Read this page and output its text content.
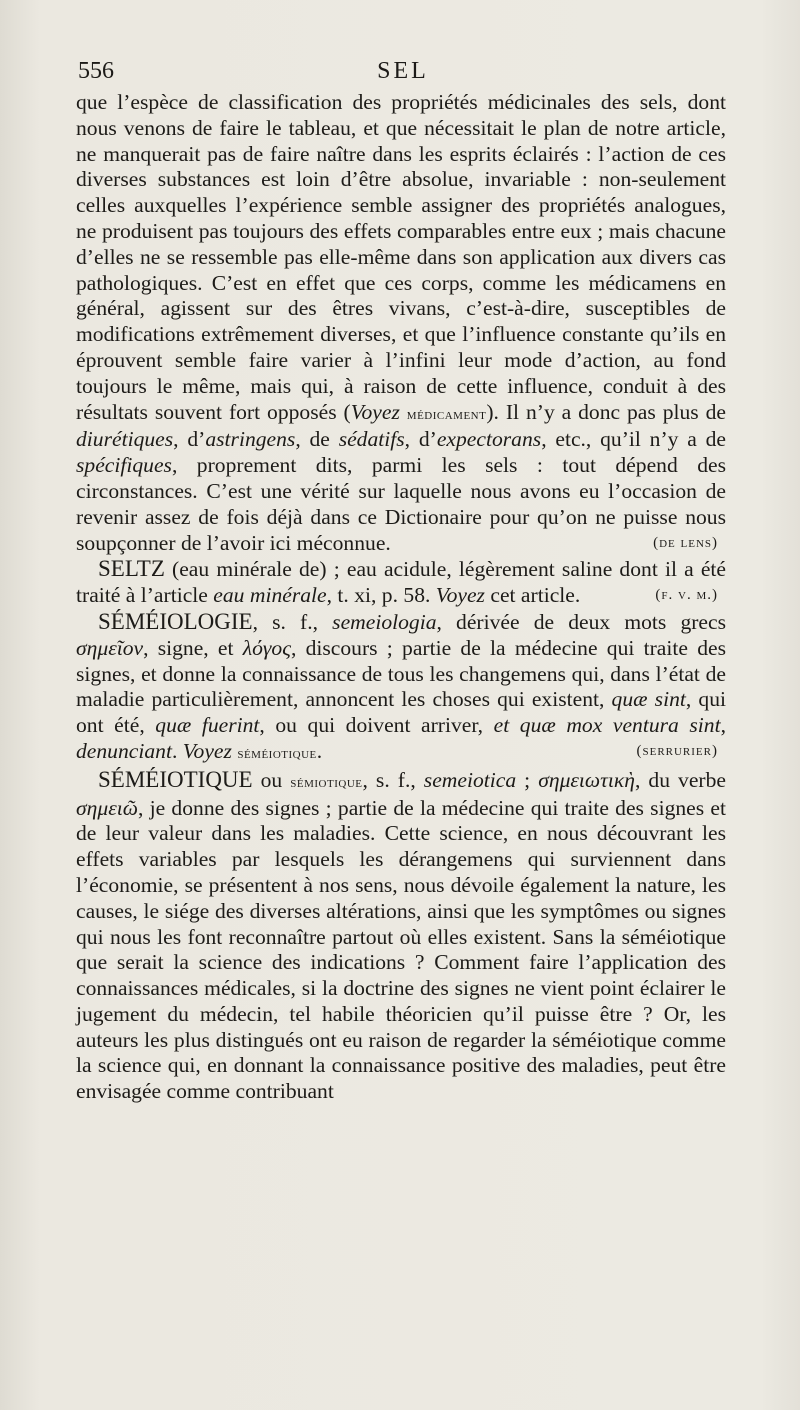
556	SEL

que l’espèce de classification des propriétés médicinales des sels, dont nous venons de faire le tableau, et que nécessitait le plan de notre article, ne manquerait pas de faire naître dans les esprits éclairés : l’action de ces diverses substances est loin d’être absolue, invariable : non-seulement celles auxquelles l’expérience semble assigner des propriétés analogues, ne produisent pas toujours des effets comparables entre eux ; mais chacune d’elles ne se ressemble pas elle-même dans son application aux divers cas pathologiques. C’est en effet que ces corps, comme les médicamens en général, agissent sur des êtres vivans, c’est-à-dire, susceptibles de modifications extrêmement diverses, et que l’influence constante qu’ils en éprouvent semble faire varier à l’infini leur mode d’action, au fond toujours le même, mais qui, à raison de cette influence, conduit à des résultats souvent fort opposés (Voyez médicament). Il n’y a donc pas plus de diurétiques, d’astringens, de sédatifs, d’expectorans, etc., qu’il n’y a de spécifiques, proprement dits, parmi les sels : tout dépend des circonstances. C’est une vérité sur laquelle nous avons eu l’occasion de revenir assez de fois déjà dans ce Dictionaire pour qu’on ne puisse nous soupçonner de l’avoir ici méconnue.	(de lens)

SELTZ (eau minérale de) ; eau acidule, légèrement saline dont il a été traité à l’article eau minérale, t. xi, p. 58. Voyez cet article.	(f. v. m.)

SÉMÉIOLOGIE, s. f., semeiologia, dérivée de deux mots grecs σημεῖον, signe, et λόγος, discours ; partie de la médecine qui traite des signes, et donne la connaissance de tous les changemens qui, dans l’état de maladie particulièrement, annoncent les choses qui existent, quæ sint, qui ont été, quæ fuerint, ou qui doivent arriver, et quæ mox ventura sint, denunciant. Voyez séméiotique.	(serrurier)

SÉMÉIOTIQUE ou sémiotique, s. f., semeiotica ; σημειωτικὴ, du verbe σημειῶ, je donne des signes ; partie de la médecine qui traite des signes et de leur valeur dans les maladies. Cette science, en nous découvrant les effets variables par lesquels les dérangemens qui surviennent dans l’économie, se présentent à nos sens, nous dévoile également la nature, les causes, le siége des diverses altérations, ainsi que les symptômes ou signes qui nous les font reconnaître partout où elles existent. Sans la séméiotique que serait la science des indications ? Comment faire l’application des connaissances médicales, si la doctrine des signes ne vient point éclairer le jugement du médecin, tel habile théoricien qu’il puisse être ? Or, les auteurs les plus distingués ont eu raison de regarder la séméiotique comme la science qui, en donnant la connaissance positive des maladies, peut être envisagée comme contribuant
